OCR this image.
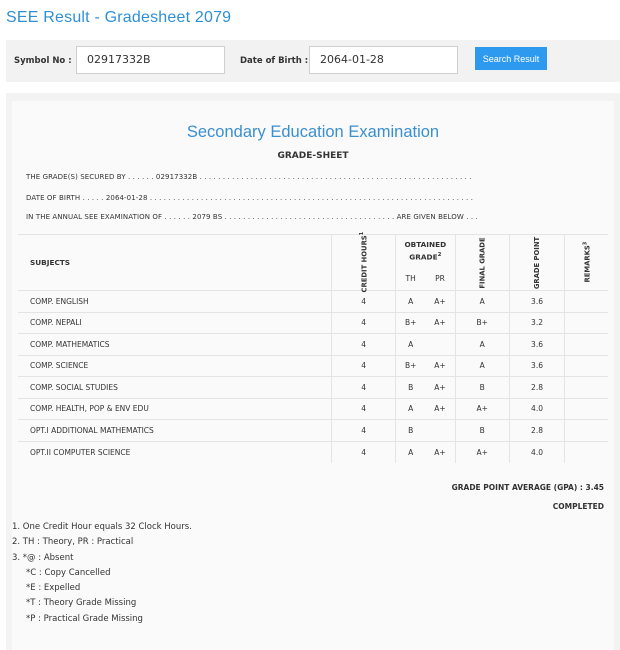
SEE Result - Gradesheet 2079
Symbol No :	02917332B	Date of Birth :	2064-01-28	Search Result
Secondary Education Examination
GRADE-SHEET
THE GRADE(S) SECURED BY . . . . . . 02917332B . . . . . . . . . . . . . . . . . . . . . . . . . . . . . . . . . . . . . . . . . . . . . . . . . . . . . . . . . . .
DATE OF BIRTH . . . . . 2064-01-28 . . . . . . . . . . . . . . . . . . . . . . . . . . . . . . . . . . . . . . . . . . . . . . . . . . . . . . . . . . . . . . . . . . . . . .
IN THE ANNUAL SEE EXAMINATION OF . . . . . . 2079 BS . . . . . . . . . . . . . . . . . . . . . . . . . . . . . . . . . . . . . ARE GIVEN BELOW . . .
SUBJECTS	CREDIT HOURS$^1$	OBTAINED GRADE$^2$		FINAL GRADE	GRADE POINT	REMARKS$^3$
		TH	PR			
COMP. ENGLISH	4	A	A+	A	3.6	
COMP. NEPALI	4	B+	A+	B+	3.2	
COMP. MATHEMATICS	4	A		A	3.6	
COMP. SCIENCE	4	B+	A+	A	3.6	
COMP. SOCIAL STUDIES	4	B	A+	B	2.8	
COMP. HEALTH, POP & ENV EDU	4	A	A+	A+	4.0	
OPT.I ADDITIONAL MATHEMATICS	4	B		B	2.8	
OPT.II COMPUTER SCIENCE	4	A	A+	A+	4.0	
GRADE POINT AVERAGE (GPA) : 3.45
COMPLETED
1. One Credit Hour equals 32 Clock Hours.
2. TH : Theory, PR : Practical
3. *@ : Absent
*C : Copy Cancelled
*E : Expelled
*T : Theory Grade Missing
*P : Practical Grade Missing
